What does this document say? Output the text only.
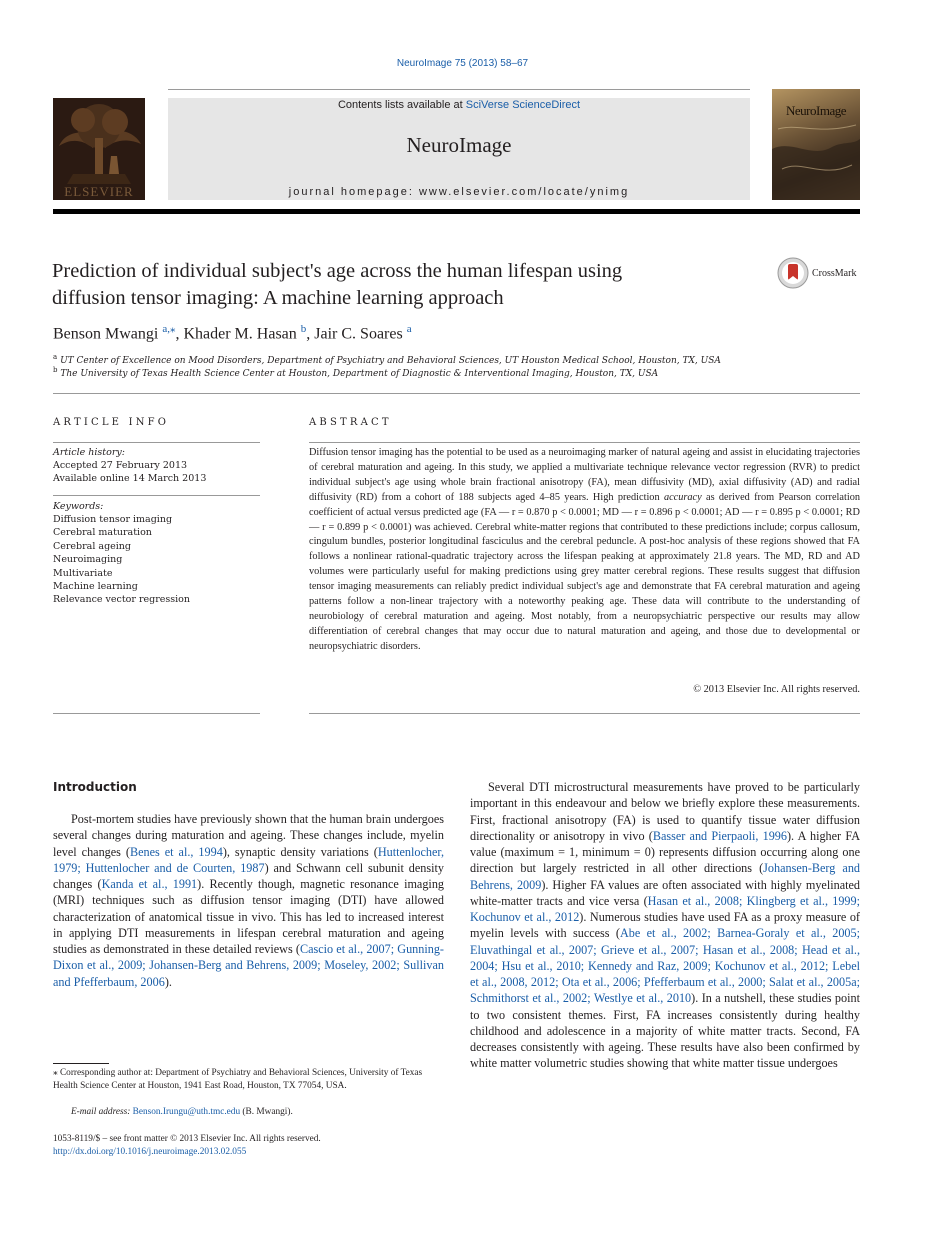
NeuroImage 75 (2013) 58–67
ELSEVIER
Contents lists available at SciVerse ScienceDirect
NeuroImage
journal homepage: www.elsevier.com/locate/ynimg
NeuroImage
Prediction of individual subject's age across the human lifespan using
diffusion tensor imaging: A machine learning approach
CrossMark
Benson Mwangi $^{a,⁎}$, Khader M. Hasan $^b$, Jair C. Soares $^a$
$^a$ UT Center of Excellence on Mood Disorders, Department of Psychiatry and Behavioral Sciences, UT Houston Medical School, Houston, TX, USA
$^b$ The University of Texas Health Science Center at Houston, Department of Diagnostic & Interventional Imaging, Houston, TX, USA
ARTICLE INFO
Article history:
Accepted 27 February 2013
Available online 14 March 2013
Keywords:
Diffusion tensor imaging
Cerebral maturation
Cerebral ageing
Neuroimaging
Multivariate
Machine learning
Relevance vector regression
ABSTRACT
Diffusion tensor imaging has the potential to be used as a neuroimaging marker of natural ageing and assist in elucidating trajectories of cerebral maturation and ageing. In this study, we applied a multivariate technique relevance vector regression (RVR) to predict individual subject's age using whole brain fractional anisotropy (FA), mean diffusivity (MD), axial diffusivity (AD) and radial diffusivity (RD) from a cohort of 188 subjects aged 4–85 years. High prediction accuracy as derived from Pearson correlation coefficient of actual versus predicted age (FA — r = 0.870 p < 0.0001; MD — r = 0.896 p < 0.0001; AD — r = 0.895 p < 0.0001; RD — r = 0.899 p < 0.0001) was achieved. Cerebral white-matter regions that contributed to these predictions include; corpus callosum, cingulum bundles, posterior longitudinal fasciculus and the cerebral peduncle. A post-hoc analysis of these regions showed that FA follows a nonlinear rational-quadratic trajectory across the lifespan peaking at approximately 21.8 years. The MD, RD and AD volumes were particularly useful for making predictions using grey matter cerebral regions. These results suggest that diffusion tensor imaging measurements can reliably predict individual subject's age and demonstrate that FA cerebral maturation and ageing patterns follow a non-linear trajectory with a noteworthy peaking age. These data will contribute to the understanding of neurobiology of cerebral maturation and ageing. Most notably, from a neuropsychiatric perspective our results may allow differentiation of cerebral changes that may occur due to natural maturation and ageing, and those due to developmental or neuropsychiatric disorders.
© 2013 Elsevier Inc. All rights reserved.
Introduction
Post-mortem studies have previously shown that the human brain undergoes several changes during maturation and ageing. These changes include, myelin level changes (Benes et al., 1994), synaptic density variations (Huttenlocher, 1979; Huttenlocher and de Courten, 1987) and Schwann cell subunit density changes (Kanda et al., 1991). Recently though, magnetic resonance imaging (MRI) techniques such as diffusion tensor imaging (DTI) have allowed characterization of anatomical tissue in vivo. This has led to increased interest in applying DTI measurements in lifespan cerebral maturation and ageing studies as demonstrated in these detailed reviews (Cascio et al., 2007; Gunning-Dixon et al., 2009; Johansen-Berg and Behrens, 2009; Moseley, 2002; Sullivan and Pfefferbaum, 2006).
Several DTI microstructural measurements have proved to be particularly important in this endeavour and below we briefly explore these measurements. First, fractional anisotropy (FA) is used to quantify tissue water diffusion directionality or anisotropy in vivo (Basser and Pierpaoli, 1996). A higher FA value (maximum = 1, minimum = 0) represents diffusion occurring along one direction but largely restricted in all other directions (Johansen-Berg and Behrens, 2009). Higher FA values are often associated with highly myelinated white-matter tracts and vice versa (Hasan et al., 2008; Klingberg et al., 1999; Kochunov et al., 2012). Numerous studies have used FA as a proxy measure of myelin levels with success (Abe et al., 2002; Barnea-Goraly et al., 2005; Eluvathingal et al., 2007; Grieve et al., 2007; Hasan et al., 2008; Head et al., 2004; Hsu et al., 2010; Kennedy and Raz, 2009; Kochunov et al., 2012; Lebel et al., 2008, 2012; Ota et al., 2006; Pfefferbaum et al., 2000; Salat et al., 2005a; Schmithorst et al., 2002; Westlye et al., 2010). In a nutshell, these studies point to two consistent themes. First, FA increases consistently during healthy childhood and adolescence in a majority of white matter tracts. Second, FA decreases consistently with ageing. These results have also been confirmed by white matter volumetric studies showing that white matter tissue undergoes
⁎ Corresponding author at: Department of Psychiatry and Behavioral Sciences, University of Texas Health Science Center at Houston, 1941 East Road, Houston, TX 77054, USA.
E-mail address: Benson.Irungu@uth.tmc.edu (B. Mwangi).
1053-8119/$ – see front matter © 2013 Elsevier Inc. All rights reserved.
http://dx.doi.org/10.1016/j.neuroimage.2013.02.055
